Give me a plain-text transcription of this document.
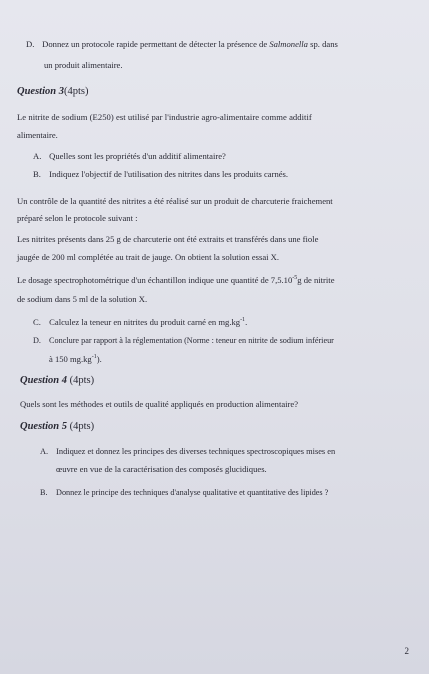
D. Donnez un protocole rapide permettant de détecter la présence de Salmonella sp. dans

un produit alimentaire.

Question 3(4pts)

Le nitrite de sodium (E250) est utilisé par l'industrie agro-alimentaire comme additif

alimentaire.

A. Quelles sont les propriétés d'un additif alimentaire?

B. Indiquez l'objectif de l'utilisation des nitrites dans les produits carnés.

Un contrôle de la quantité des nitrites a été réalisé sur un produit de charcuterie fraichement

préparé selon le protocole suivant :

Les nitrites présents dans 25 g de charcuterie ont été extraits et transférés dans une fiole

jaugée de 200 ml complétée au trait de jauge. On obtient la solution essai X.

Le dosage spectrophotométrique d'un échantillon indique une quantité de $7,5.10^{-5}g$ de nitrite

de sodium dans 5 ml de la solution X.

C. Calculez la teneur en nitrites du produit carné en $mg.kg^{-1}$.

D. Conclure par rapport à la réglementation (Norme : teneur en nitrite de sodium inférieur

à 150 $mg.kg^{-1}$).

Question 4 (4pts)

Quels sont les méthodes et outils de qualité appliqués en production alimentaire?

Question 5 (4pts)

A. Indiquez et donnez les principes des diverses techniques spectroscopiques mises en

œuvre en vue de la caractérisation des composés glucidiques.

B. Donnez le principe des techniques d'analyse qualitative et quantitative des lipides ?

2
